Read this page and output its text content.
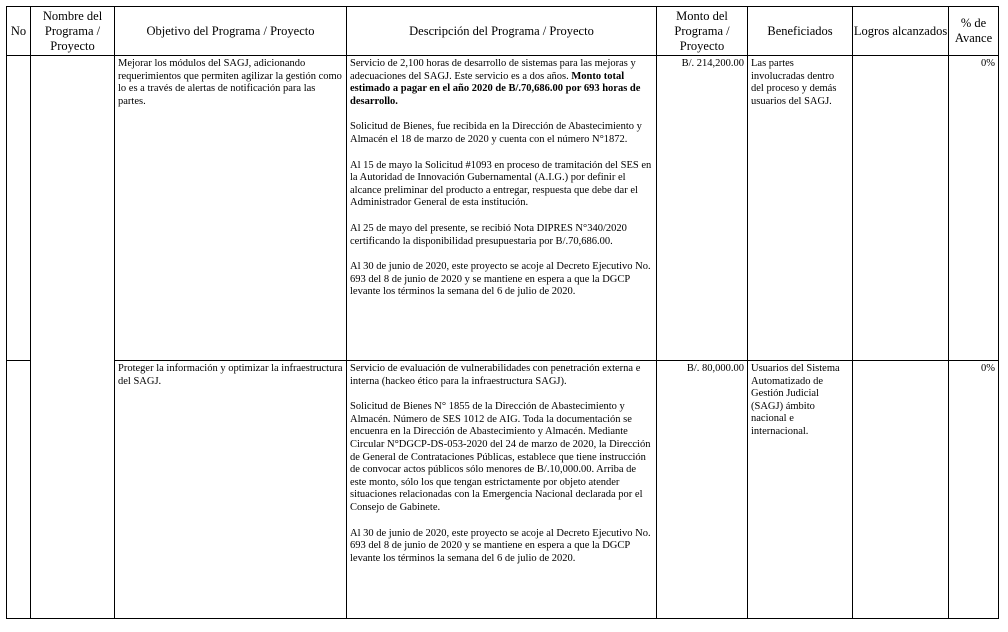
No	Nombre del Programa / Proyecto	Objetivo del Programa / Proyecto	Descripción del Programa / Proyecto	Monto del Programa / Proyecto	Beneficiados	Logros alcanzados	% de Avance

		Mejorar los módulos del SAGJ, adicionando requerimientos que permiten agilizar la gestión como lo es a través de alertas de notificación para las partes.	Servicio de 2,100 horas de desarrollo de sistemas para las mejoras y adecuaciones del SAGJ. Este servicio es a dos años. Monto total estimado a pagar en el año 2020 de B/.70,686.00 por 693 horas de desarrollo.

Solicitud de Bienes, fue recibida en la Dirección de Abastecimiento y Almacén el 18 de marzo de 2020 y cuenta con el número N°1872.

Al 15 de mayo la Solicitud #1093 en proceso de tramitación del SES en la Autoridad de Innovación Gubernamental (A.I.G.) por definir el alcance preliminar del producto a entregar, respuesta que debe dar el Administrador General de esta institución.

Al 25 de mayo del presente, se recibió Nota DIPRES N°340/2020 certificando la disponibilidad presupuestaria por B/.70,686.00.

Al 30 de junio de 2020, este proyecto se acoje al Decreto Ejecutivo No. 693 del 8 de junio de 2020 y se mantiene en espera a que la DGCP levante los términos la semana del 6 de julio de 2020.	B/. 214,200.00	Las partes involucradas dentro del proceso y demás usuarios del SAGJ.		0%

		Proteger la información y optimizar la infraestructura del SAGJ.	Servicio de evaluación de vulnerabilidades con penetración externa e interna (hackeo ético para la infraestructura SAGJ).

Solicitud de Bienes N° 1855 de la Dirección de Abastecimiento y Almacén. Número de SES 1012 de AIG. Toda la documentación se encuenra en la Dirección de Abastecimiento y Almacén. Mediante Circular N°DGCP-DS-053-2020 del 24 de marzo de 2020, la Dirección de General de Contrataciones Públicas, establece que tiene instrucción de convocar actos públicos sólo menores de B/.10,000.00. Arriba de este monto, sólo los que tengan estrictamente por objeto atender situaciones relacionadas con la Emergencia Nacional declarada por el Consejo de Gabinete.

Al 30 de junio de 2020, este proyecto se acoje al Decreto Ejecutivo No. 693 del 8 de junio de 2020 y se mantiene en espera a que la DGCP levante los términos la semana del 6 de julio de 2020.	B/. 80,000.00	Usuarios del Sistema Automatizado de Gestión Judicial (SAGJ) ámbito nacional e internacional.		0%
